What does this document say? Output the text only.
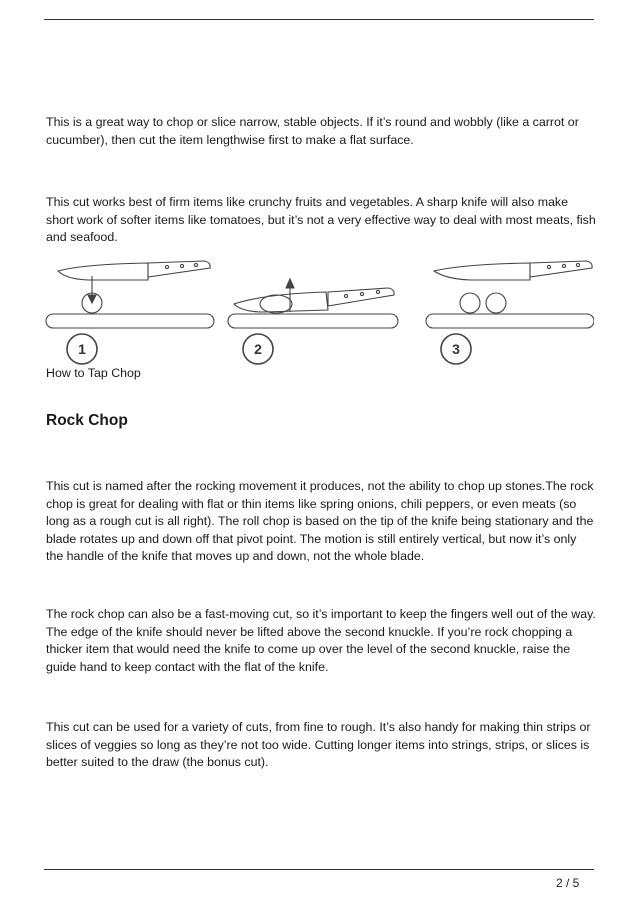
This is a great way to chop or slice narrow, stable objects. If it’s round and wobbly (like a carrot or cucumber), then cut the item lengthwise first to make a flat surface.

This cut works best of firm items like crunchy fruits and vegetables. A sharp knife will also make short work of softer items like tomatoes, but it’s not a very effective way to deal with most meats, fish and seafood.

1	2	3
How to Tap Chop
Rock Chop

This cut is named after the rocking movement it produces, not the ability to chop up stones.The rock chop is great for dealing with flat or thin items like spring onions, chili peppers, or even meats (so long as a rough cut is all right). The roll chop is based on the tip of the knife being stationary and the blade rotates up and down off that pivot point. The motion is still entirely vertical, but now it’s only the handle of the knife that moves up and down, not the whole blade.

The rock chop can also be a fast-moving cut, so it’s important to keep the fingers well out of the way. The edge of the knife should never be lifted above the second knuckle. If you’re rock chopping a thicker item that would need the knife to come up over the level of the second knuckle, raise the guide hand to keep contact with the flat of the knife.

This cut can be used for a variety of cuts, from fine to rough. It’s also handy for making thin strips or slices of veggies so long as they’re not too wide. Cutting longer items into strings, strips, or slices is better suited to the draw (the bonus cut).

2 / 5
